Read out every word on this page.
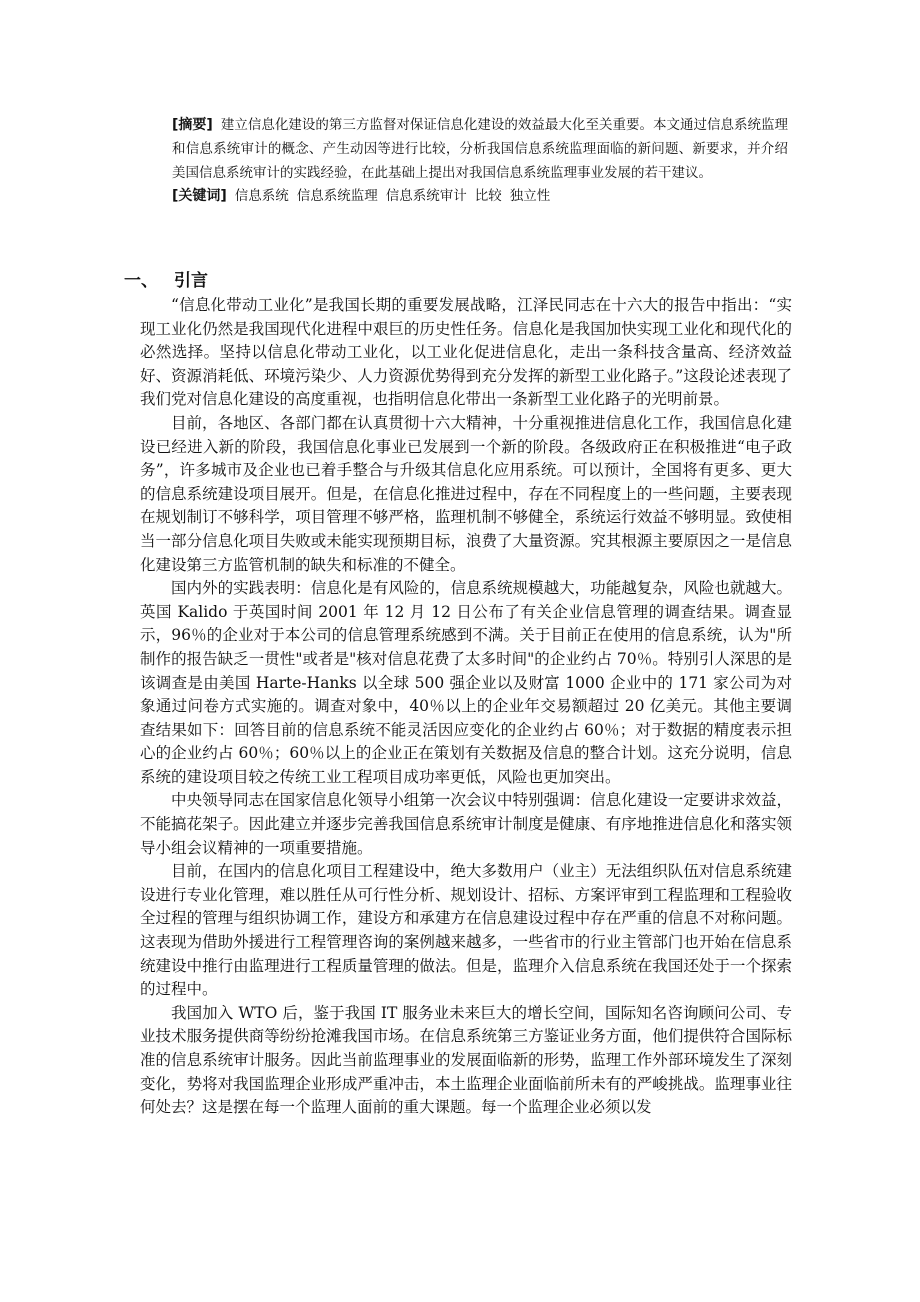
[摘要] 建立信息化建设的第三方监督对保证信息化建设的效益最大化至关重要。本文通过信息系统监理和信息系统审计的概念、产生动因等进行比较，分析我国信息系统监理面临的新问题、新要求，并介绍美国信息系统审计的实践经验，在此基础上提出对我国信息系统监理事业发展的若干建议。

[关键词] 信息系统 信息系统监理 信息系统审计 比较 独立性
一、 引言

“信息化带动工业化”是我国长期的重要发展战略，江泽民同志在十六大的报告中指出：“实现工业化仍然是我国现代化进程中艰巨的历史性任务。信息化是我国加快实现工业化和现代化的必然选择。坚持以信息化带动工业化，以工业化促进信息化，走出一条科技含量高、经济效益好、资源消耗低、环境污染少、人力资源优势得到充分发挥的新型工业化路子。”这段论述表现了我们党对信息化建设的高度重视，也指明信息化带出一条新型工业化路子的光明前景。

目前，各地区、各部门都在认真贯彻十六大精神，十分重视推进信息化工作，我国信息化建设已经进入新的阶段，我国信息化事业已发展到一个新的阶段。各级政府正在积极推进“电子政务”，许多城市及企业也已着手整合与升级其信息化应用系统。可以预计，全国将有更多、更大的信息系统建设项目展开。但是，在信息化推进过程中，存在不同程度上的一些问题，主要表现在规划制订不够科学，项目管理不够严格，监理机制不够健全，系统运行效益不够明显。致使相当一部分信息化项目失败或未能实现预期目标，浪费了大量资源。究其根源主要原因之一是信息化建设第三方监管机制的缺失和标准的不健全。

国内外的实践表明：信息化是有风险的，信息系统规模越大，功能越复杂，风险也就越大。英国 Kalido 于英国时间 2001 年 12 月 12 日公布了有关企业信息管理的调查结果。调查显示，96％的企业对于本公司的信息管理系统感到不满。关于目前正在使用的信息系统，认为"所制作的报告缺乏一贯性"或者是"核对信息花费了太多时间"的企业约占 70％。特别引人深思的是该调查是由美国 Harte-Hanks 以全球 500 强企业以及财富 1000 企业中的 171 家公司为对象通过问卷方式实施的。调查对象中，40％以上的企业年交易额超过 20 亿美元。其他主要调查结果如下：回答目前的信息系统不能灵活因应变化的企业约占 60％；对于数据的精度表示担心的企业约占 60％；60％以上的企业正在策划有关数据及信息的整合计划。这充分说明，信息系统的建设项目较之传统工业工程项目成功率更低，风险也更加突出。

中央领导同志在国家信息化领导小组第一次会议中特别强调：信息化建设一定要讲求效益，不能搞花架子。因此建立并逐步完善我国信息系统审计制度是健康、有序地推进信息化和落实领导小组会议精神的一项重要措施。

目前，在国内的信息化项目工程建设中，绝大多数用户（业主）无法组织队伍对信息系统建设进行专业化管理，难以胜任从可行性分析、规划设计、招标、方案评审到工程监理和工程验收全过程的管理与组织协调工作，建设方和承建方在信息建设过程中存在严重的信息不对称问题。这表现为借助外援进行工程管理咨询的案例越来越多，一些省市的行业主管部门也开始在信息系统建设中推行由监理进行工程质量管理的做法。但是，监理介入信息系统在我国还处于一个探索的过程中。

我国加入 WTO 后，鉴于我国 IT 服务业未来巨大的增长空间，国际知名咨询顾问公司、专业技术服务提供商等纷纷抢滩我国市场。在信息系统第三方鉴证业务方面，他们提供符合国际标准的信息系统审计服务。因此当前监理事业的发展面临新的形势，监理工作外部环境发生了深刻变化，势将对我国监理企业形成严重冲击，本土监理企业面临前所未有的严峻挑战。监理事业往何处去？这是摆在每一个监理人面前的重大课题。每一个监理企业必须以发
